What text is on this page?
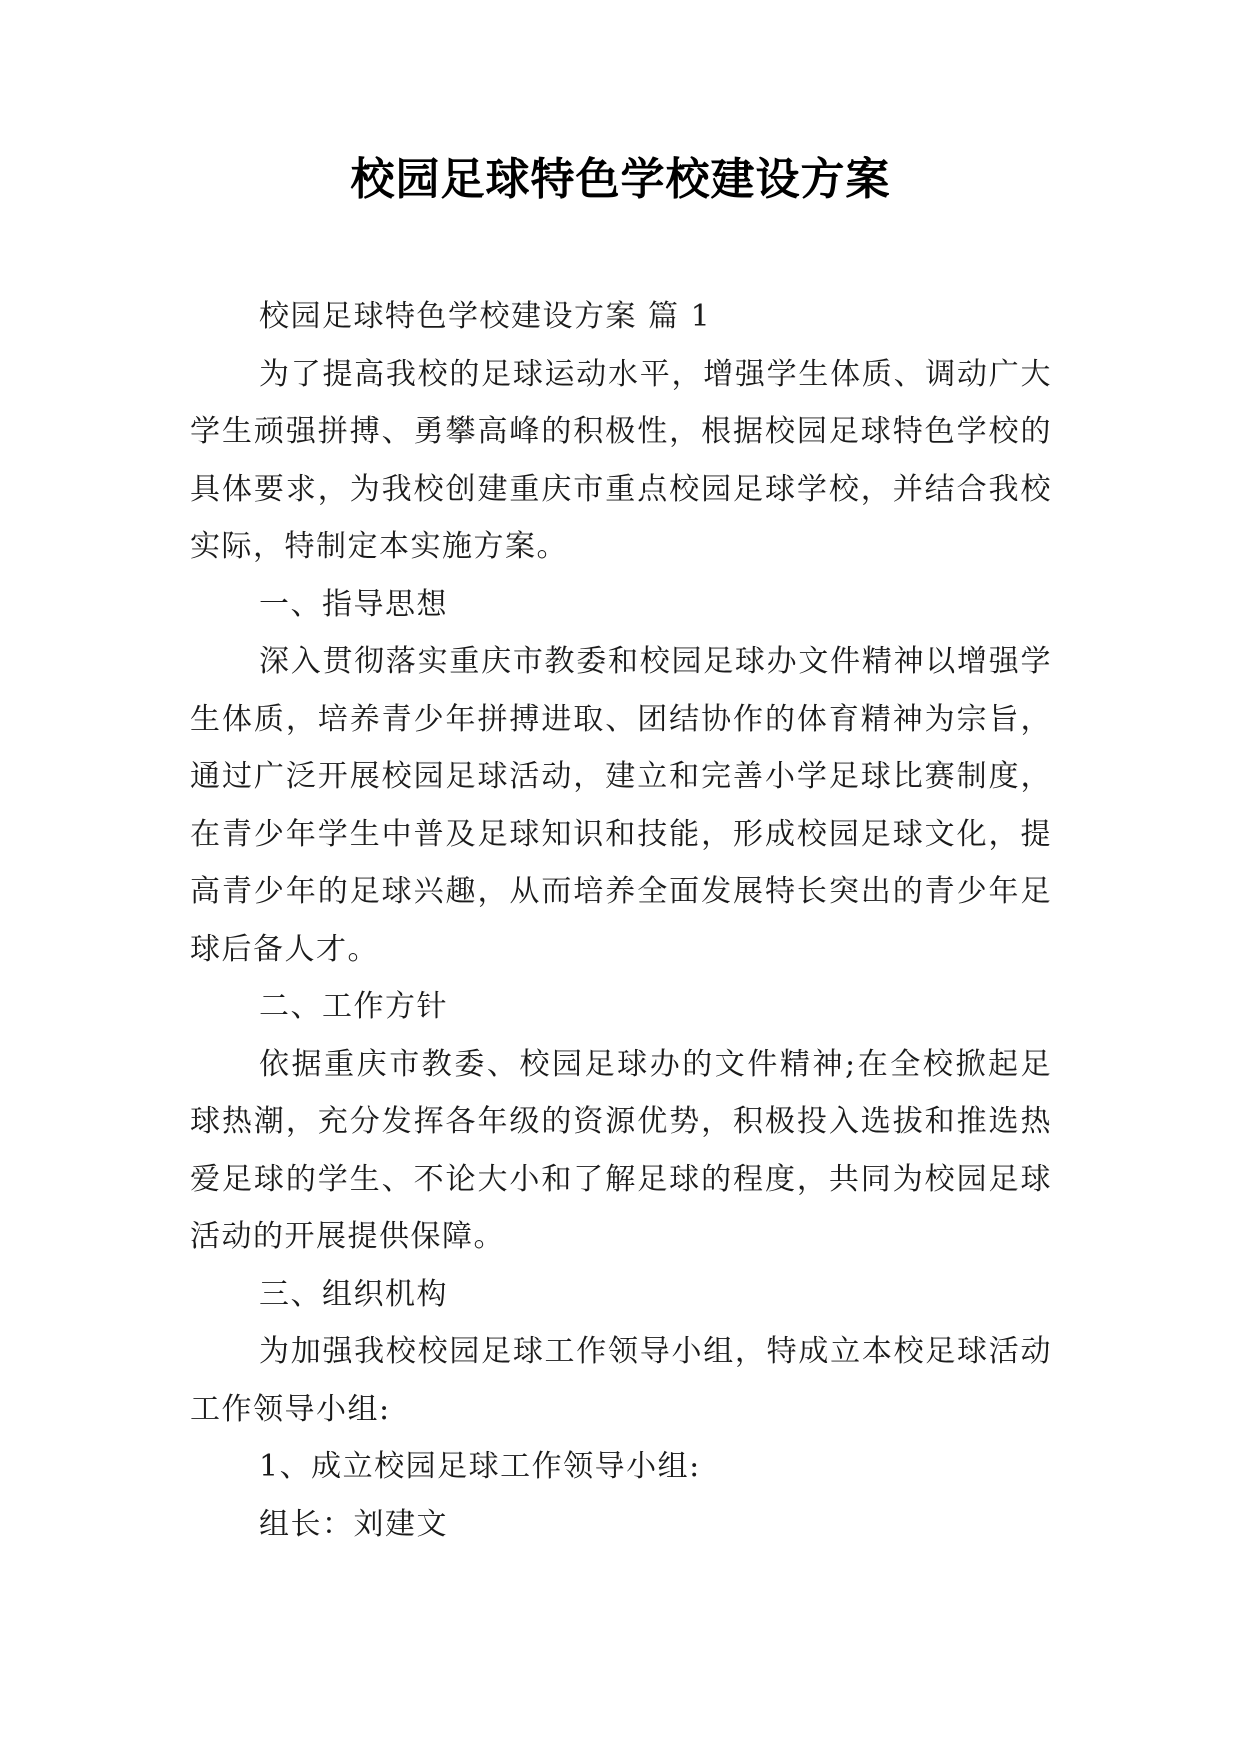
校园足球特色学校建设方案

校园足球特色学校建设方案 篇 1

为了提高我校的足球运动水平，增强学生体质、调动广大学生顽强拼搏、勇攀高峰的积极性，根据校园足球特色学校的具体要求，为我校创建重庆市重点校园足球学校，并结合我校实际，特制定本实施方案。

一、指导思想

深入贯彻落实重庆市教委和校园足球办文件精神以增强学生体质，培养青少年拼搏进取、团结协作的体育精神为宗旨，通过广泛开展校园足球活动，建立和完善小学足球比赛制度，在青少年学生中普及足球知识和技能，形成校园足球文化，提高青少年的足球兴趣，从而培养全面发展特长突出的青少年足球后备人才。

二、工作方针

依据重庆市教委、校园足球办的文件精神;在全校掀起足球热潮，充分发挥各年级的资源优势，积极投入选拔和推选热爱足球的学生、不论大小和了解足球的程度，共同为校园足球活动的开展提供保障。

三、组织机构

为加强我校校园足球工作领导小组，特成立本校足球活动工作领导小组:

1、成立校园足球工作领导小组:

组长：刘建文
